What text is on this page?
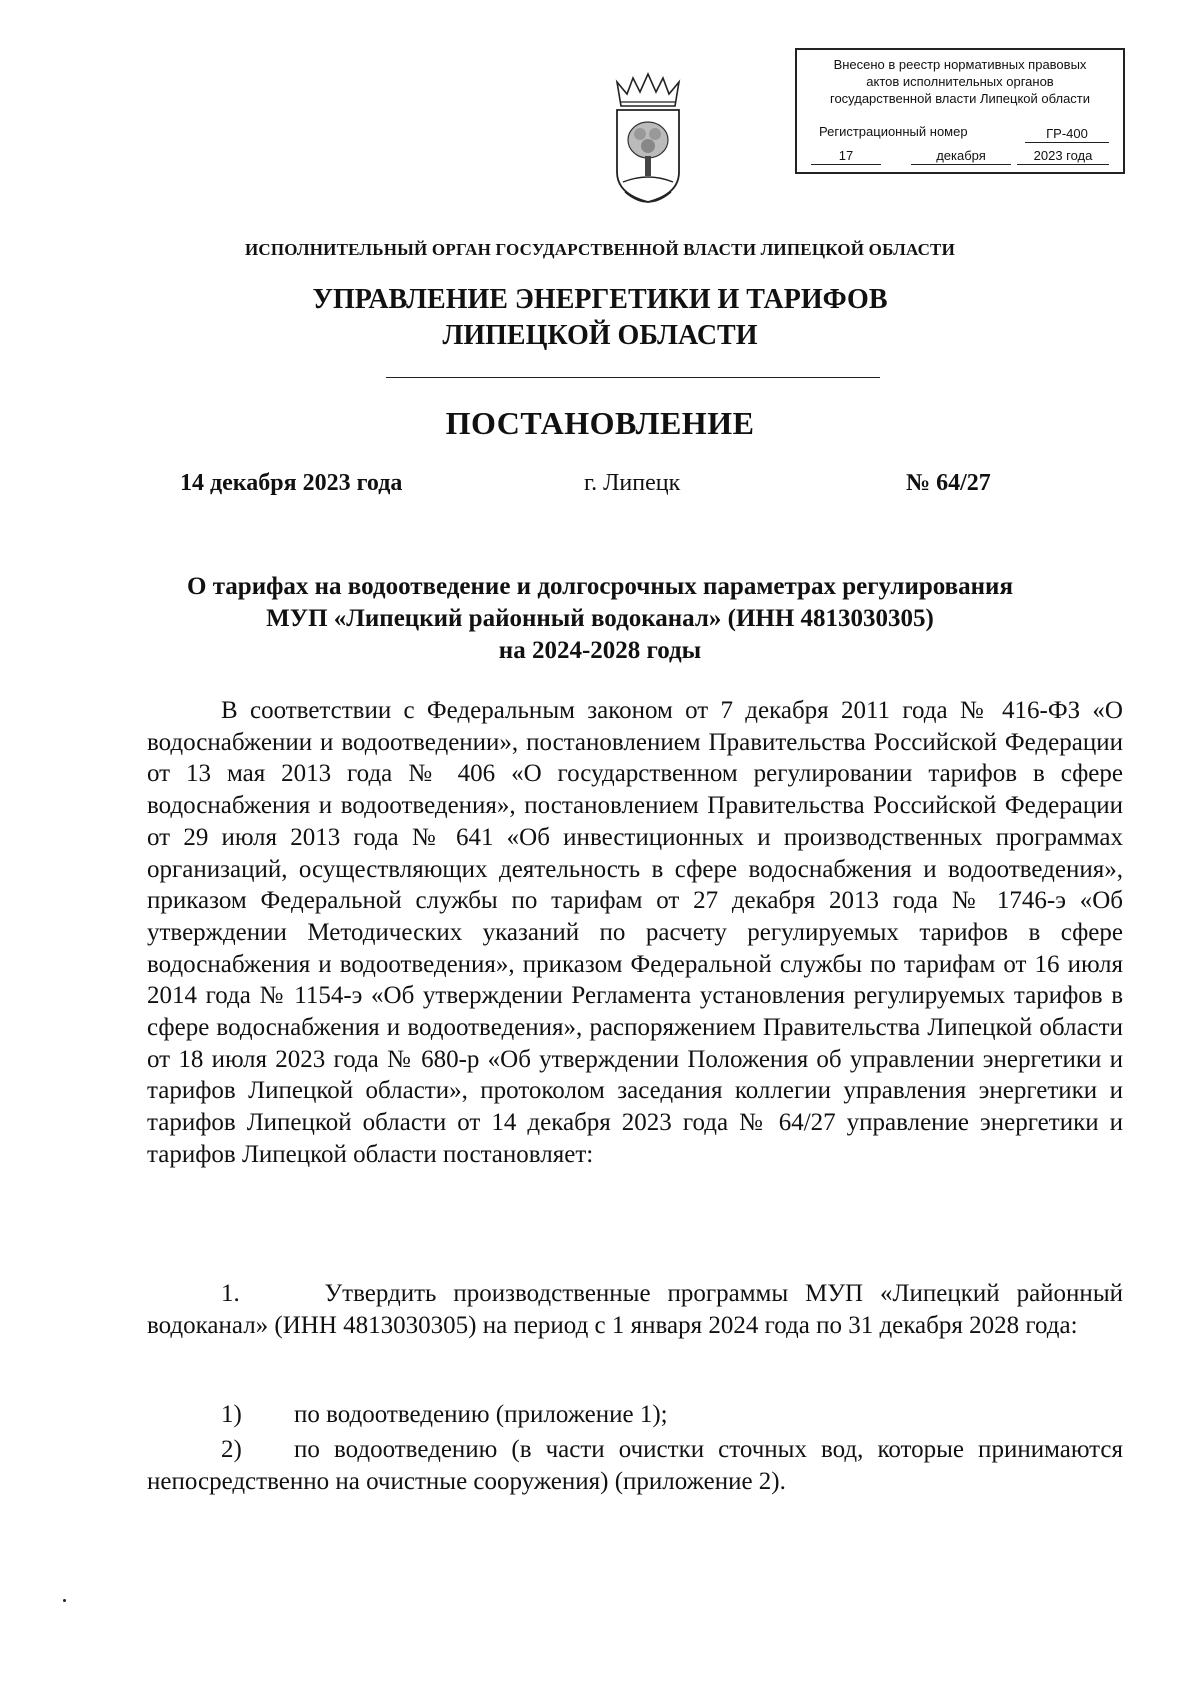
Внесено в реестр нормативных правовых
актов исполнительных органов
государственной власти Липецкой области
Регистрационный номер	ГР-400
17	декабря	2023 года
ИСПОЛНИТЕЛЬНЫЙ ОРГАН ГОСУДАРСТВЕННОЙ ВЛАСТИ ЛИПЕЦКОЙ ОБЛАСТИ
УПРАВЛЕНИЕ ЭНЕРГЕТИКИ И ТАРИФОВ
ЛИПЕЦКОЙ ОБЛАСТИ
ПОСТАНОВЛЕНИЕ
14 декабря 2023 года	г. Липецк	№ 64/27
О тарифах на водоотведение и долгосрочных параметрах регулирования
МУП «Липецкий районный водоканал» (ИНН 4813030305)
на 2024-2028 годы

В соответствии с Федеральным законом от 7 декабря 2011 года № 416-ФЗ «О водоснабжении и водоотведении», постановлением Правительства Российской Федерации от 13 мая 2013 года № 406 «О государственном регулировании тарифов в сфере водоснабжения и водоотведения», постановлением Правительства Российской Федерации от 29 июля 2013 года № 641 «Об инвестиционных и производственных программах организаций, осуществляющих деятельность в сфере водоснабжения и водоотведения», приказом Федеральной службы по тарифам от 27 декабря 2013 года № 1746-э «Об утверждении Методических указаний по расчету регулируемых тарифов в сфере водоснабжения и водоотведения», приказом Федеральной службы по тарифам от 16 июля 2014 года № 1154-э «Об утверждении Регламента установления регулируемых тарифов в сфере водоснабжения и водоотведения», распоряжением Правительства Липецкой области от 18 июля 2023 года № 680-р «Об утверждении Положения об управлении энергетики и тарифов Липецкой области», протоколом заседания коллегии управления энергетики и тарифов Липецкой области от 14 декабря 2023 года № 64/27 управление энергетики и тарифов Липецкой области постановляет:

1.     Утвердить производственные программы МУП «Липецкий районный водоканал» (ИНН 4813030305) на период с 1 января 2024 года по 31 декабря 2028 года:

1) по водоотведению (приложение 1);
2) по водоотведению (в части очистки сточных вод, которые принимаются непосредственно на очистные сооружения) (приложение 2).
